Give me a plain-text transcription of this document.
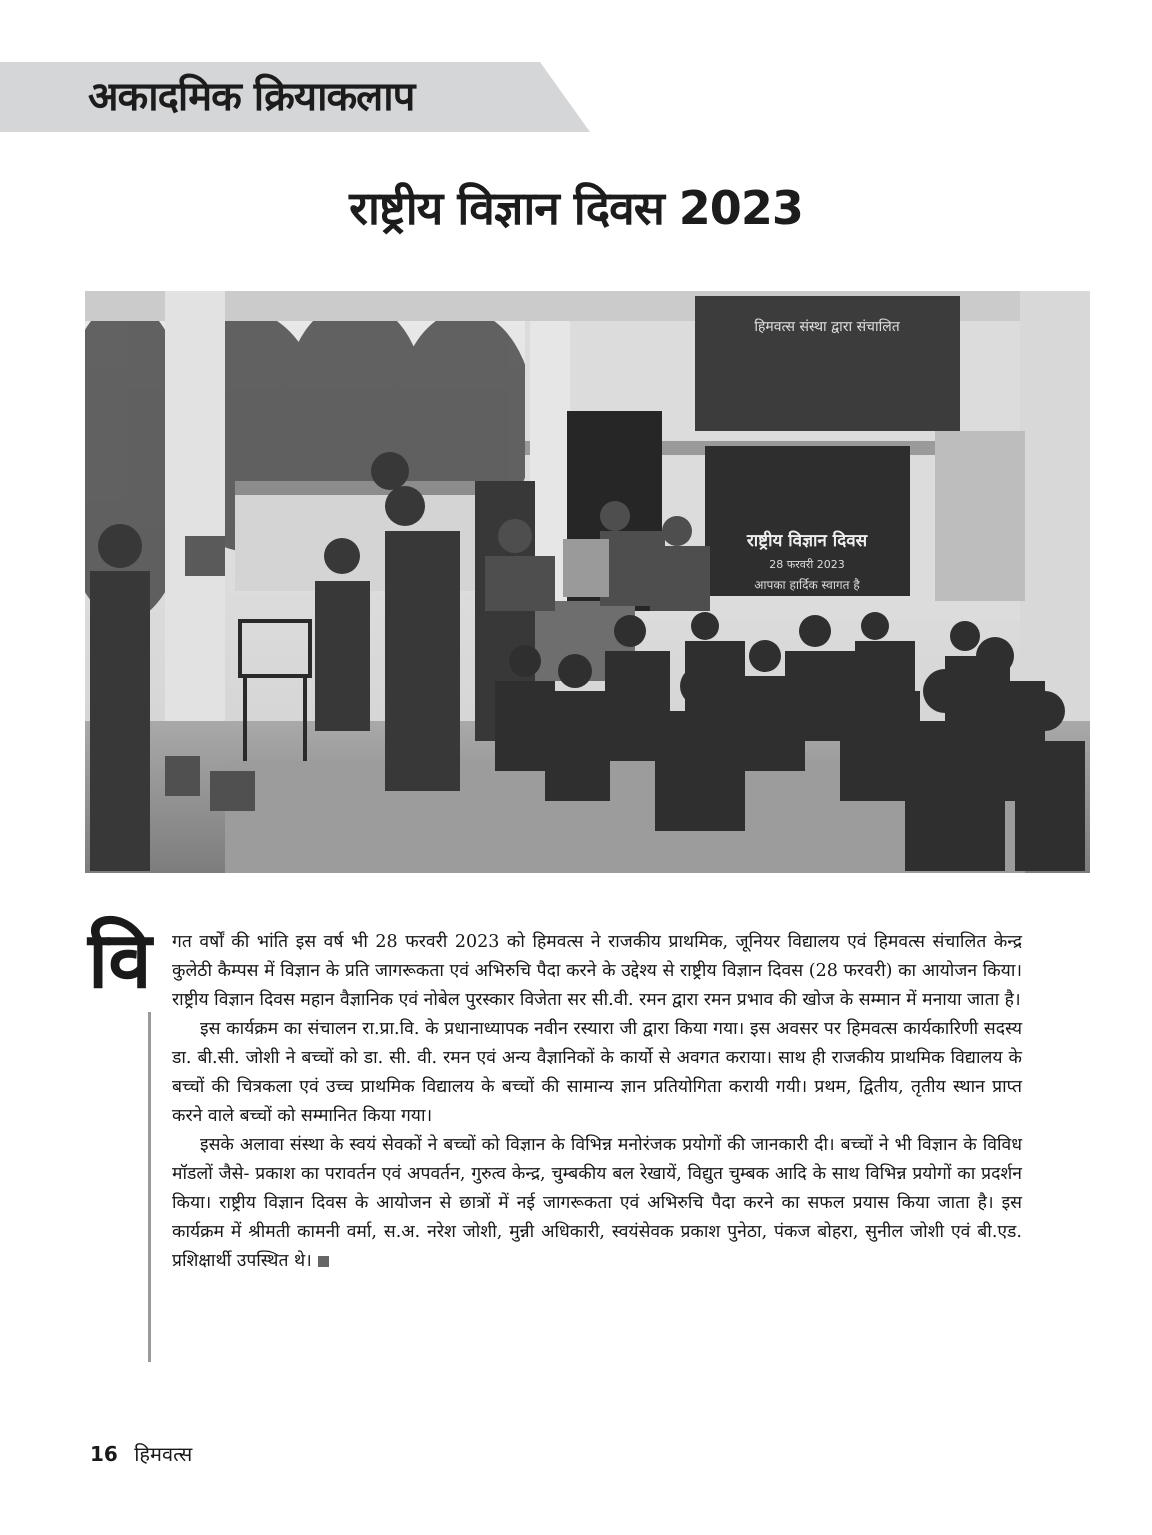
अकादमिक क्रियाकलाप
राष्ट्रीय विज्ञान दिवस 2023
हिमवत्स संस्था द्वारा संचालित
राष्ट्रीय विज्ञान दिवस
28 फरवरी 2023
आपका हार्दिक स्वागत है
वि गत वर्षों की भांति इस वर्ष भी 28 फरवरी 2023 को हिमवत्स ने राजकीय प्राथमिक, जूनियर विद्यालय एवं हिमवत्स संचालित केन्द्र कुलेठी कैम्पस में विज्ञान के प्रति जागरूकता एवं अभिरुचि पैदा करने के उद्देश्य से राष्ट्रीय विज्ञान दिवस (28 फरवरी) का आयोजन किया। राष्ट्रीय विज्ञान दिवस महान वैज्ञानिक एवं नोबेल पुरस्कार विजेता सर सी.वी. रमन द्वारा रमन प्रभाव की खोज के सम्मान में मनाया जाता है।

इस कार्यक्रम का संचालन रा.प्रा.वि. के प्रधानाध्यापक नवीन रस्यारा जी द्वारा किया गया। इस अवसर पर हिमवत्स कार्यकारिणी सदस्य डा. बी.सी. जोशी ने बच्चों को डा. सी. वी. रमन एवं अन्य वैज्ञानिकों के कार्यो से अवगत कराया। साथ ही राजकीय प्राथमिक विद्यालय के बच्चों की चित्रकला एवं उच्च प्राथमिक विद्यालय के बच्चों की सामान्य ज्ञान प्रतियोगिता करायी गयी। प्रथम, द्वितीय, तृतीय स्थान प्राप्त करने वाले बच्चों को सम्मानित किया गया।

इसके अलावा संस्था के स्वयं सेवकों ने बच्चों को विज्ञान के विभिन्न मनोरंजक प्रयोगों की जानकारी दी। बच्चों ने भी विज्ञान के विविध मॉडलों जैसे- प्रकाश का परावर्तन एवं अपवर्तन, गुरुत्व केन्द्र, चुम्बकीय बल रेखायें, विद्युत चुम्बक आदि के साथ विभिन्न प्रयोगों का प्रदर्शन किया। राष्ट्रीय विज्ञान दिवस के आयोजन से छात्रों में नई जागरूकता एवं अभिरुचि पैदा करने का सफल प्रयास किया जाता है। इस कार्यक्रम में श्रीमती कामनी वर्मा, स.अ. नरेश जोशी, मुन्नी अधिकारी, स्वयंसेवक प्रकाश पुनेठा, पंकज बोहरा, सुनील जोशी एवं बी.एड. प्रशिक्षार्थी उपस्थित थे।

16 हिमवत्स
